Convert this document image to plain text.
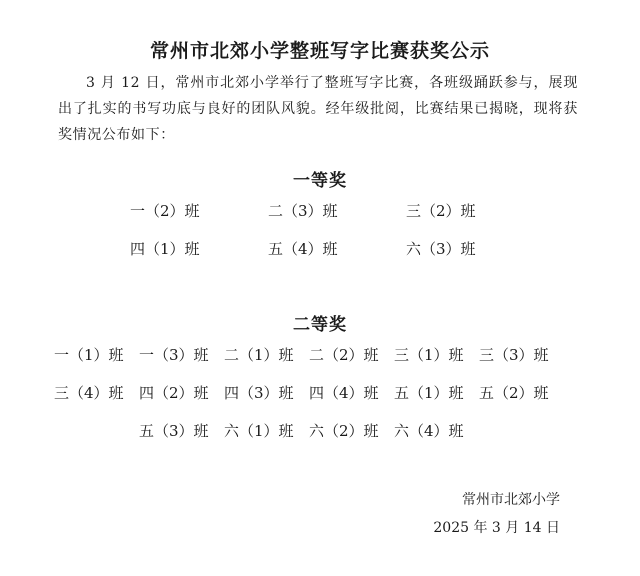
常州市北郊小学整班写字比赛获奖公示
3 月 12 日，常州市北郊小学举行了整班写字比赛，各班级踊跃参与，展现出了扎实的书写功底与良好的团队风貌。经年级批阅，比赛结果已揭晓，现将获奖情况公布如下：
一等奖
一（2）班	二（3）班	三（2）班
四（1）班	五（4）班	六（3）班
二等奖
一（1）班	一（3）班	二（1）班	二（2）班	三（1）班	三（3）班
三（4）班	四（2）班	四（3）班	四（4）班	五（1）班	五（2）班
五（3）班	六（1）班	六（2）班	六（4）班
常州市北郊小学
2025 年 3 月 14 日
